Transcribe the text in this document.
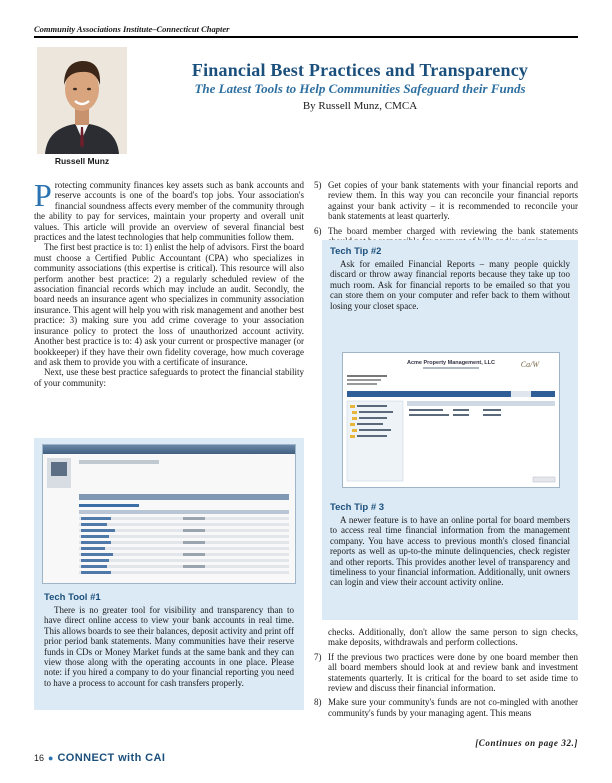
Community Associations Institute–Connecticut Chapter
Russell Munz
Financial Best Practices and Transparency
The Latest Tools to Help Communities Safeguard their Funds
By Russell Munz, CMCA

Protecting community finances key assets such as bank accounts and reserve accounts is one of the board's top jobs. Your association's financial soundness affects every member of the community through the ability to pay for services, maintain your property and overall unit values. This article will provide an overview of several financial best practices and the latest technologies that help communities follow them.

The first best practice is to: 1) enlist the help of advisors. First the board must choose a Certified Public Accountant (CPA) who specializes in community associations (this expertise is critical). This resource will also perform another best practice: 2) a regularly scheduled review of the association financial records which may include an audit. Secondly, the board needs an insurance agent who specializes in community association insurance. This agent will help you with risk management and another best practice: 3) making sure you add crime coverage to your association insurance policy to protect the loss of unauthorized account activity. Another best practice is to: 4) ask your current or prospective manager (or bookkeeper) if they have their own fidelity coverage, how much coverage and ask them to provide you with a certificate of insurance.

Next, use these best practice safeguards to protect the financial stability of your community:

Tech Tool #1
There is no greater tool for visibility and transparency than to have direct online access to view your bank accounts in real time. This allows boards to see their balances, deposit activity and print off prior period bank statements. Many communities have their reserve funds in CDs or Money Market funds at the same bank and they can view those along with the operating accounts in one place. Please note: if you hired a company to do your financial reporting you need to have a process to account for cash transfers properly.
5) Get copies of your bank statements with your financial reports and review them. In this way you can reconcile your financial reports against your bank activity – it is recommended to reconcile your bank statements at least quarterly.
6) The board member charged with reviewing the bank statements
Tech Tip #2
Ask for emailed Financial Reports – many people quickly discard or throw away financial reports because they take up too much room. Ask for financial reports to be emailed so that you can store them on your computer and refer back to them without losing your closet space.
Acme Property Management, LLC	Ca/W
Tech Tip # 3
A newer feature is to have an online portal for board members to access real time financial information from the management company. You have access to previous month's closed financial reports as well as up-to-the minute delinquencies, check register and other reports. This provides another level of transparency and timeliness to your financial information. Additionally, unit owners can login and view their account activity online.

checks. Additionally, don't allow the same person to sign checks, make deposits, withdrawals and perform collections.

7) If the previous two practices were done by one board member then all board members should look at and review bank and investment statements quarterly. It is critical for the board to set aside time to review and discuss their financial information.
8) Make sure your community's funds are not co-mingled with another community's funds by your managing agent. This means
[Continues on page 32.]
16 ● CONNECT with CAI
